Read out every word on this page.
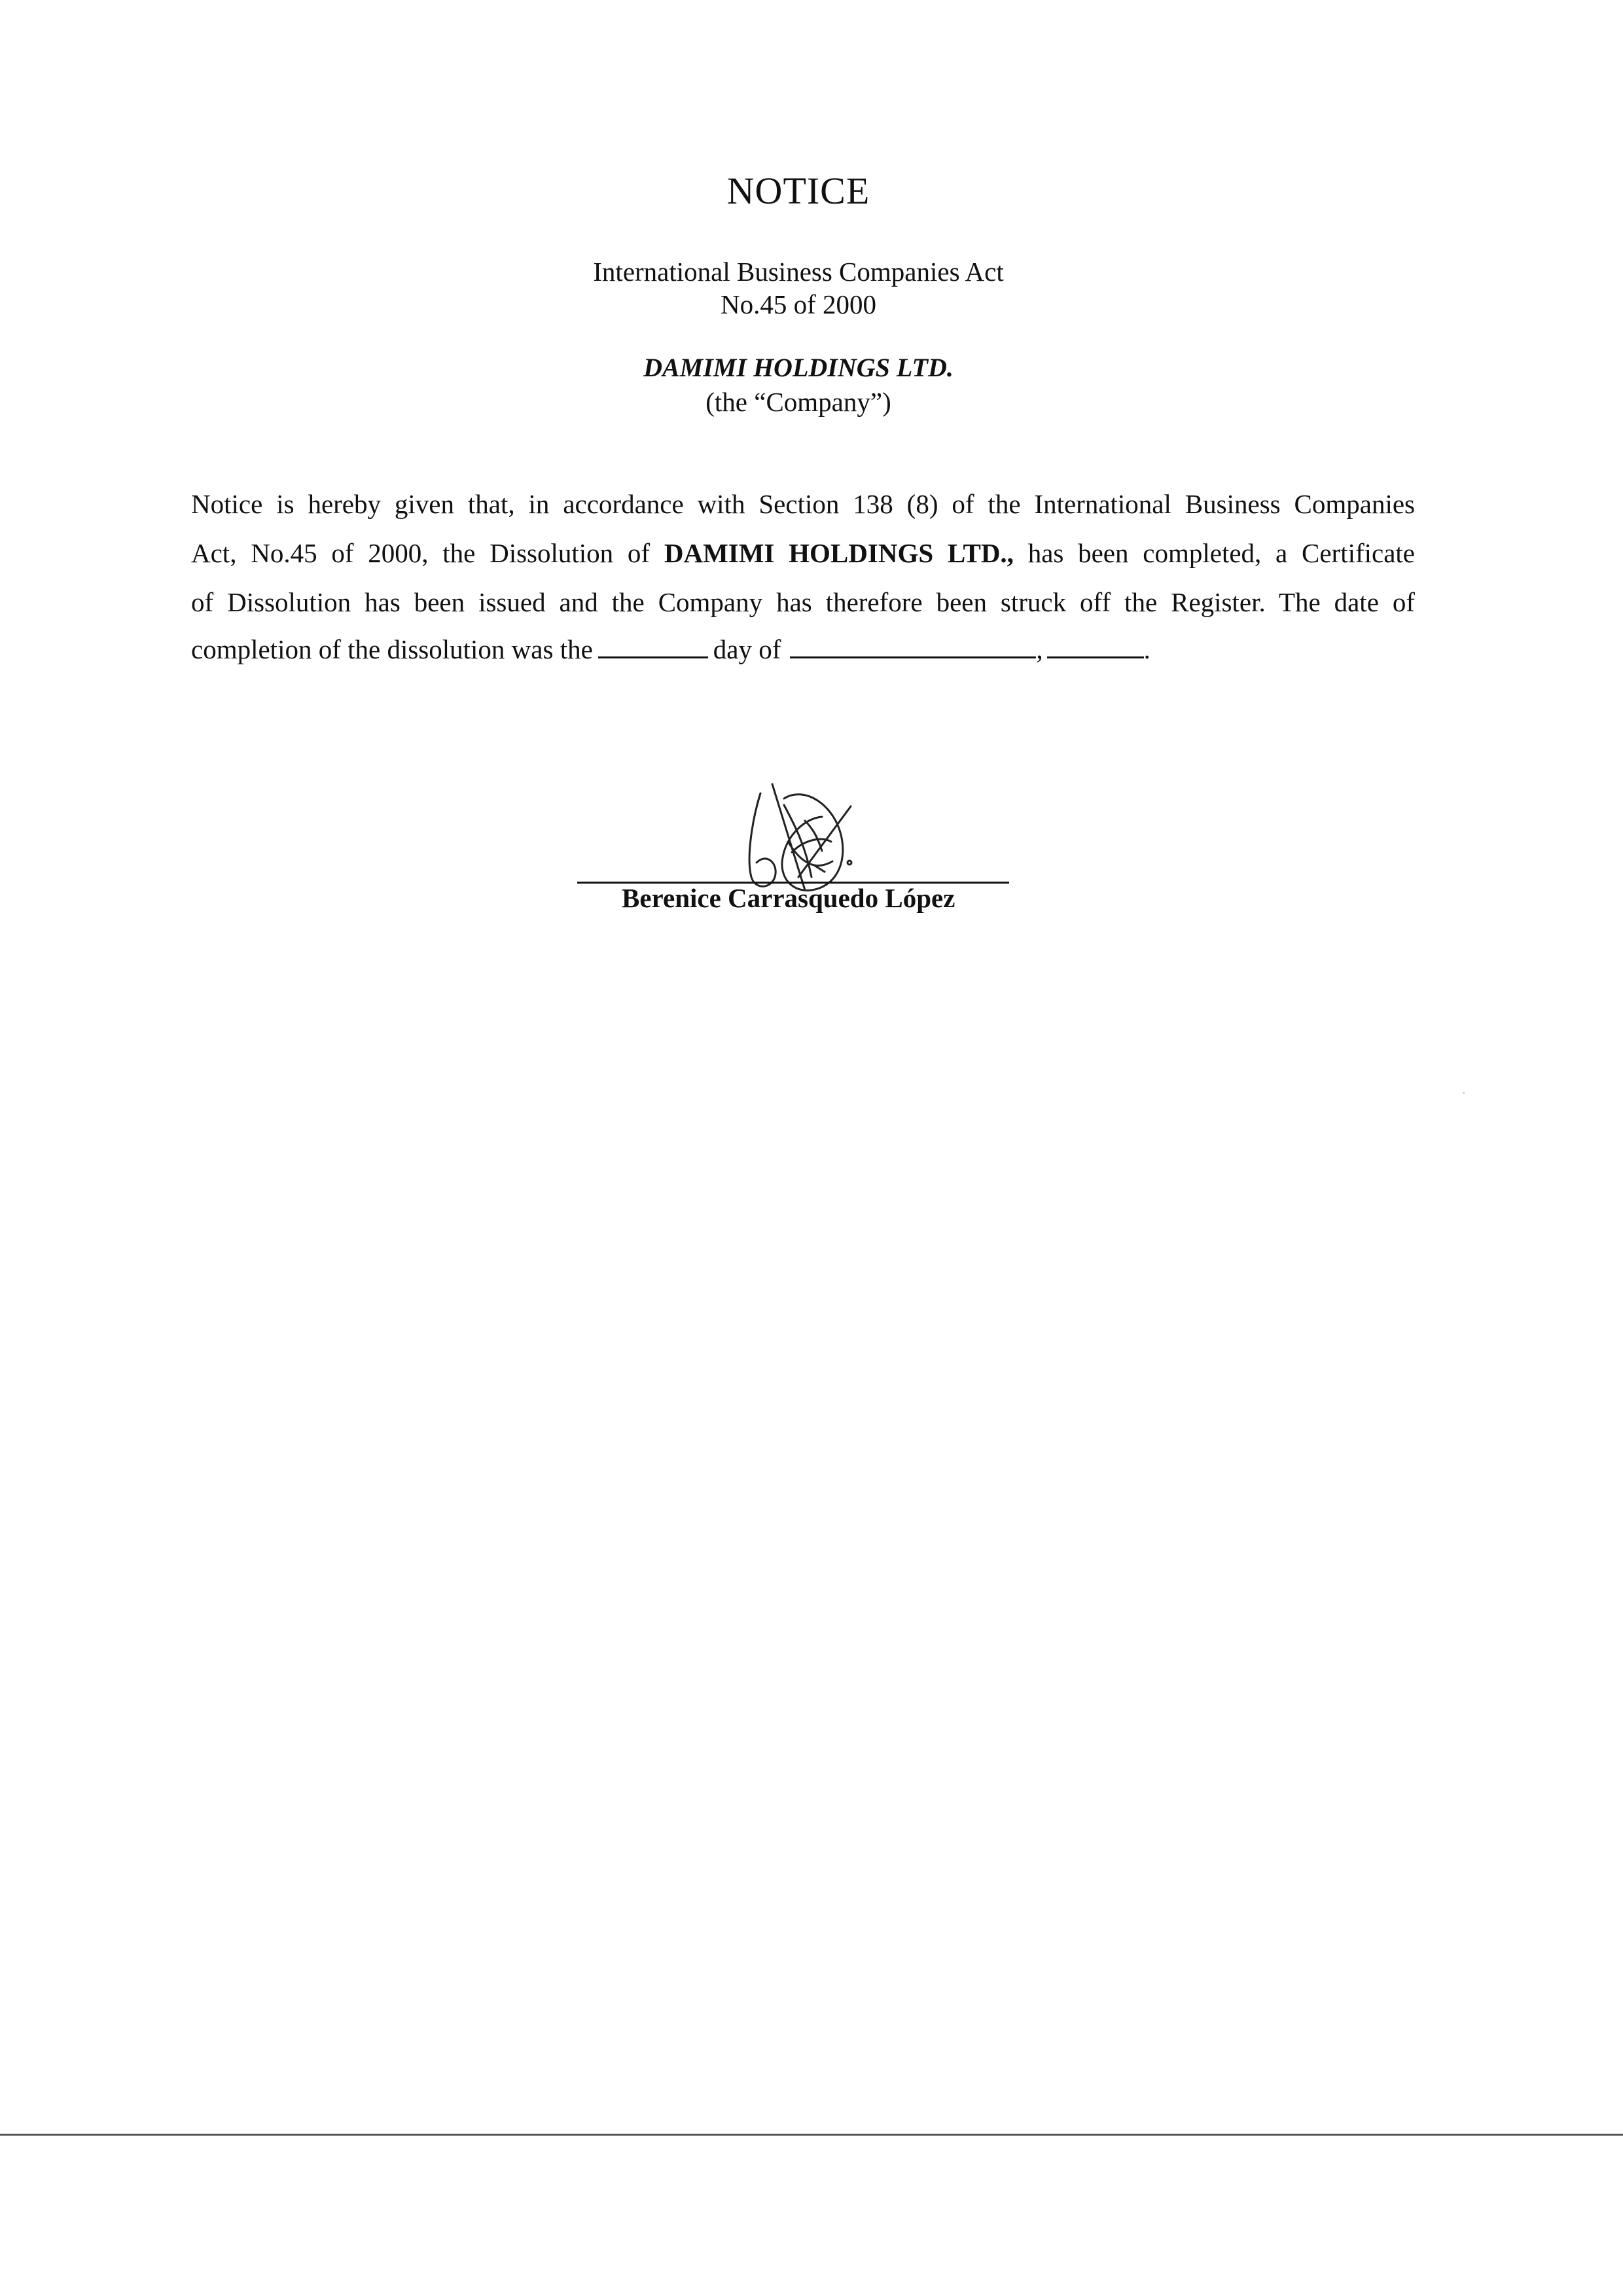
NOTICE
International Business Companies Act
No.45 of 2000
DAMIMI HOLDINGS LTD.
(the “Company”)
Notice is hereby given that, in accordance with Section 138 (8) of the International Business Companies
Act, No.45 of 2000, the Dissolution of DAMIMI HOLDINGS LTD., has been completed, a Certificate
of Dissolution has been issued and the Company has therefore been struck off the Register. The date of
completion of the dissolution was the	day of	,	.
Berenice Carrasquedo López
